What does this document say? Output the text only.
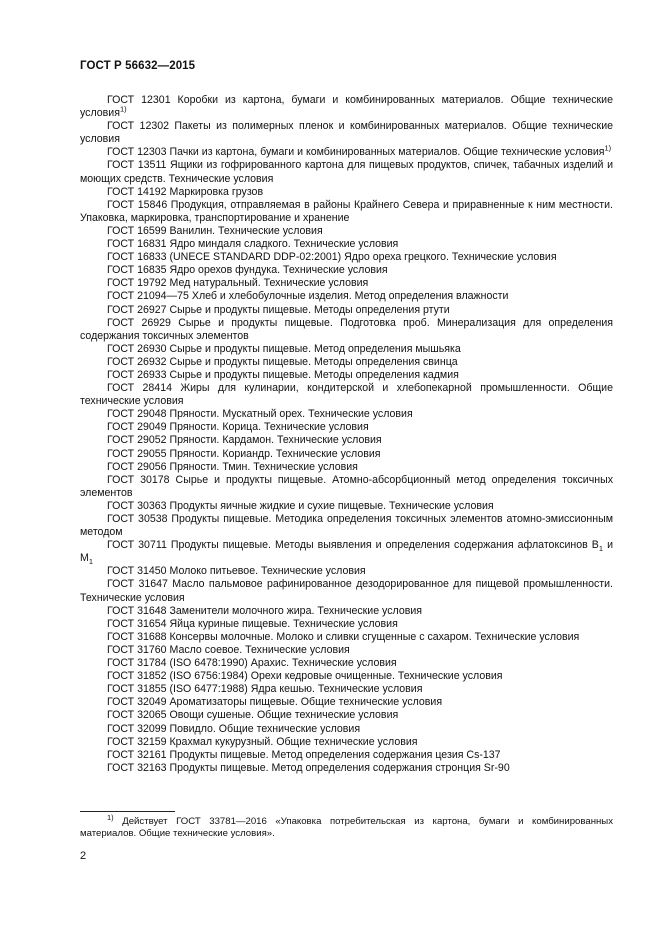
ГОСТ Р 56632—2015

ГОСТ 12301 Коробки из картона, бумаги и комбинированных материалов. Общие технические условия$^{1)}$

ГОСТ 12302 Пакеты из полимерных пленок и комбинированных материалов. Общие технические условия

ГОСТ 12303 Пачки из картона, бумаги и комбинированных материалов. Общие технические условия$^{1)}$

ГОСТ 13511 Ящики из гофрированного картона для пищевых продуктов, спичек, табачных изделий и моющих средств. Технические условия

ГОСТ 14192 Маркировка грузов

ГОСТ 15846 Продукция, отправляемая в районы Крайнего Севера и приравненные к ним местности. Упаковка, маркировка, транспортирование и хранение

ГОСТ 16599 Ванилин. Технические условия

ГОСТ 16831 Ядро миндаля сладкого. Технические условия

ГОСТ 16833 (UNECE STANDARD DDP-02:2001) Ядро ореха грецкого. Технические условия

ГОСТ 16835 Ядро орехов фундука. Технические условия

ГОСТ 19792 Мед натуральный. Технические условия

ГОСТ 21094—75 Хлеб и хлебобулочные изделия. Метод определения влажности

ГОСТ 26927 Сырье и продукты пищевые. Методы определения ртути

ГОСТ 26929 Сырье и продукты пищевые. Подготовка проб. Минерализация для определения содержания токсичных элементов

ГОСТ 26930 Сырье и продукты пищевые. Метод определения мышьяка

ГОСТ 26932 Сырье и продукты пищевые. Методы определения свинца

ГОСТ 26933 Сырье и продукты пищевые. Методы определения кадмия

ГОСТ 28414 Жиры для кулинарии, кондитерской и хлебопекарной промышленности. Общие технические условия

ГОСТ 29048 Пряности. Мускатный орех. Технические условия

ГОСТ 29049 Пряности. Корица. Технические условия

ГОСТ 29052 Пряности. Кардамон. Технические условия

ГОСТ 29055 Пряности. Кориандр. Технические условия

ГОСТ 29056 Пряности. Тмин. Технические условия

ГОСТ 30178 Сырье и продукты пищевые. Атомно-абсорбционный метод определения токсичных элементов

ГОСТ 30363 Продукты яичные жидкие и сухие пищевые. Технические условия

ГОСТ 30538 Продукты пищевые. Методика определения токсичных элементов атомно-эмиссионным методом

ГОСТ 30711 Продукты пищевые. Методы выявления и определения содержания афлатоксинов $В_1$ и $М_1$

ГОСТ 31450 Молоко питьевое. Технические условия

ГОСТ 31647 Масло пальмовое рафинированное дезодорированное для пищевой промышленности. Технические условия

ГОСТ 31648 Заменители молочного жира. Технические условия

ГОСТ 31654 Яйца куриные пищевые. Технические условия

ГОСТ 31688 Консервы молочные. Молоко и сливки сгущенные с сахаром. Технические условия

ГОСТ 31760 Масло соевое. Технические условия

ГОСТ 31784 (ISO 6478:1990) Арахис. Технические условия

ГОСТ 31852 (ISO 6756:1984) Орехи кедровые очищенные. Технические условия

ГОСТ 31855 (ISO 6477:1988) Ядра кешью. Технические условия

ГОСТ 32049 Ароматизаторы пищевые. Общие технические условия

ГОСТ 32065 Овощи сушеные. Общие технические условия

ГОСТ 32099 Повидло. Общие технические условия

ГОСТ 32159 Крахмал кукурузный. Общие технические условия

ГОСТ 32161 Продукты пищевые. Метод определения содержания цезия Cs-137

ГОСТ 32163 Продукты пищевые. Метод определения содержания стронция Sr-90

$^{1)}$ Действует ГОСТ 33781—2016 «Упаковка потребительская из картона, бумаги и комбинированных материалов. Общие технические условия».

2
